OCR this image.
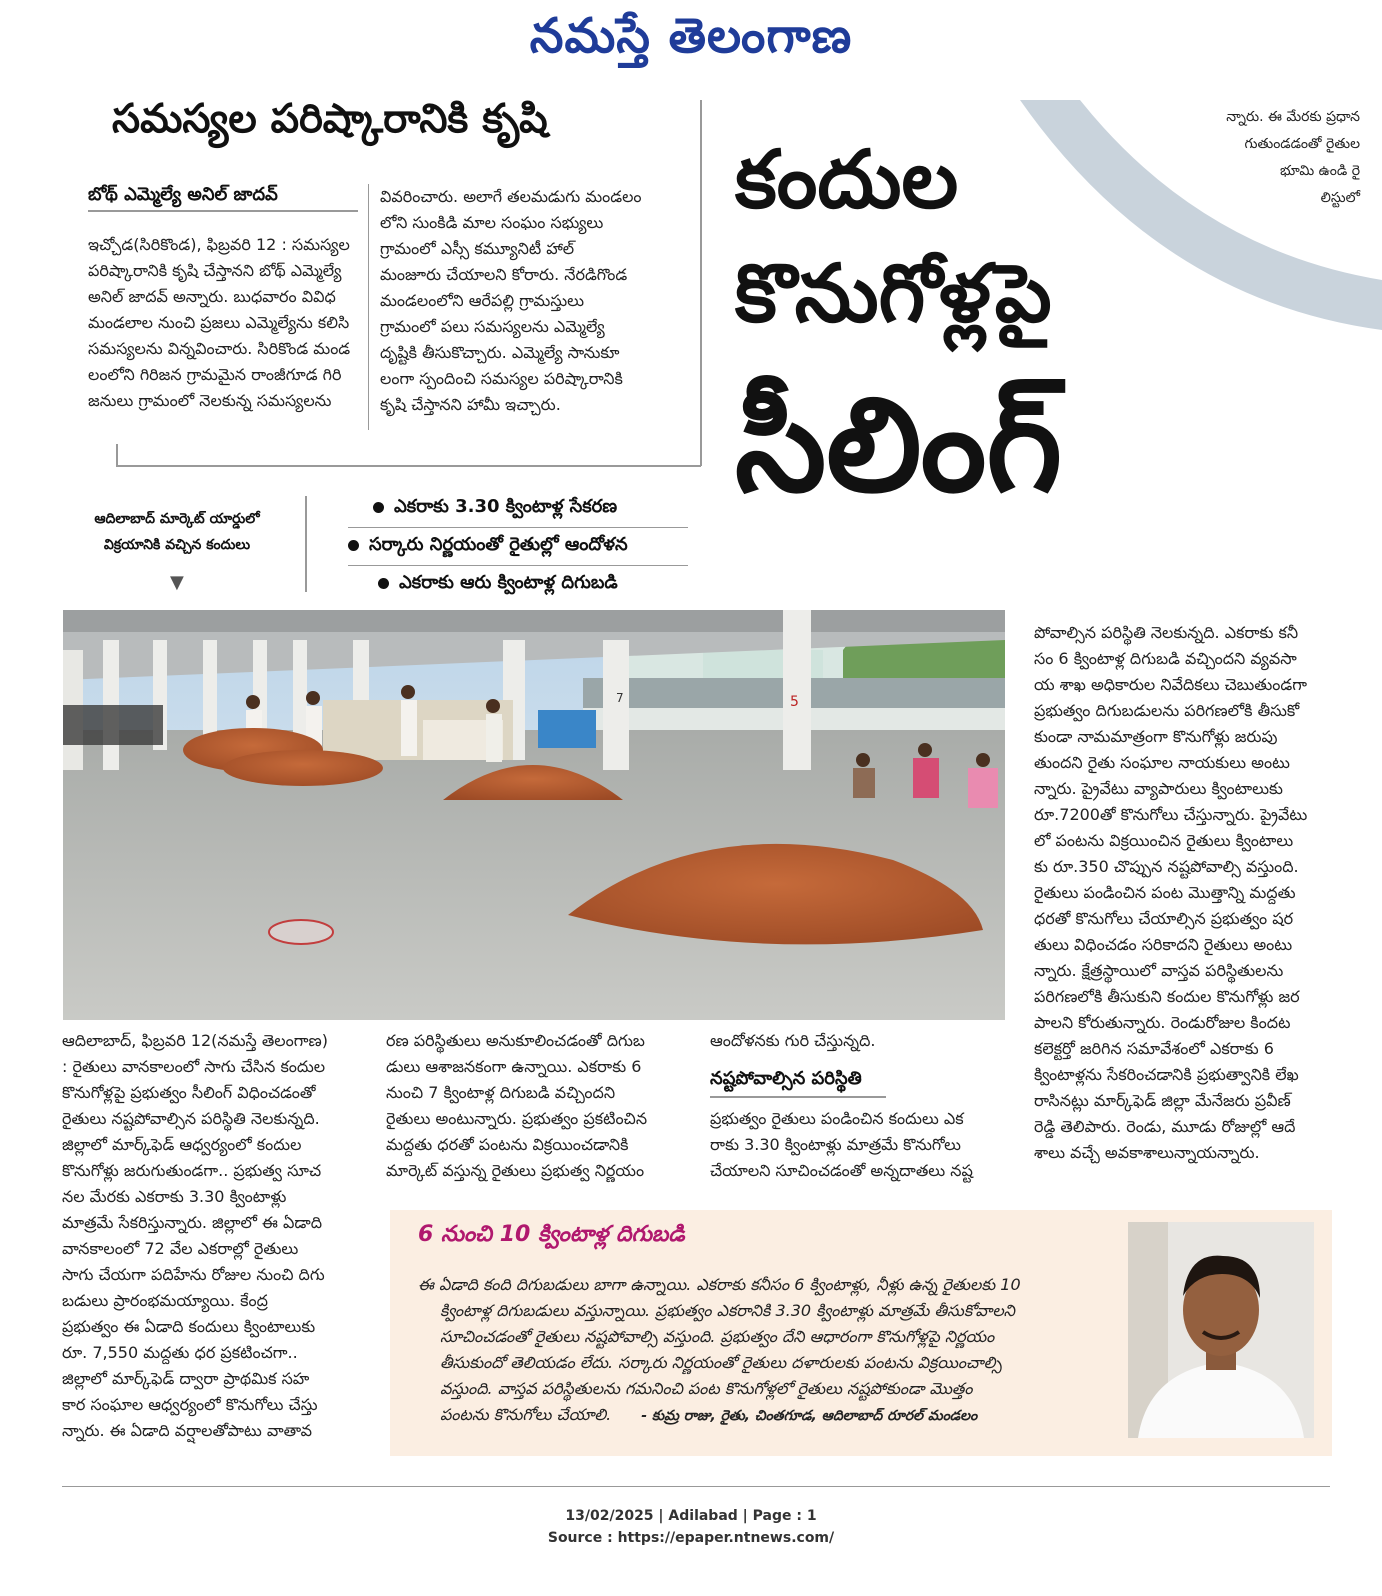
నమస్తే తెలంగాణ
సమస్యల పరిష్కారానికి కృషి
బోథ్ ఎమ్మెల్యే అనిల్ జాదవ్
ఇచ్చోడ(సిరికొండ), ఫిబ్రవరి 12 : సమస్యల
పరిష్కారానికి కృషి చేస్తానని బోథ్ ఎమ్మెల్యే
అనిల్ జాదవ్ అన్నారు. బుధవారం వివిధ
మండలాల నుంచి ప్రజలు ఎమ్మెల్యేను కలిసి
సమస్యలను విన్నవించారు. సిరికొండ మండ
లంలోని గిరిజన గ్రామమైన రాంజీగూడ గిరి
జనులు గ్రామంలో నెలకున్న సమస్యలను
వివరించారు. అలాగే తలమడుగు మండలం
లోని సుంకిడి మాల సంఘం సభ్యులు
గ్రామంలో ఎస్సీ కమ్యూనిటీ హాల్
మంజూరు చేయాలని కోరారు. నేరడిగొండ
మండలంలోని ఆరేపల్లి గ్రామస్తులు
గ్రామంలో పలు సమస్యలను ఎమ్మెల్యే
దృష్టికి తీసుకొచ్చారు. ఎమ్మెల్యే సానుకూ
లంగా స్పందించి సమస్యల పరిష్కారానికి
కృషి చేస్తానని హామీ ఇచ్చారు.
న్నారు. ఈ మేరకు ప్రధాన
గుతుండడంతో రైతుల
భూమి ఉండి రై
లిస్టులో
కందుల
కొనుగోళ్లపై
సీలింగ్
ఆదిలాబాద్ మార్కెట్ యార్డులో
విక్రయానికి వచ్చిన కందులు
▼
ఎకరాకు 3.30 క్వింటాళ్ల సేకరణ
సర్కారు నిర్ణయంతో రైతుల్లో ఆందోళన
ఎకరాకు ఆరు క్వింటాళ్ల దిగుబడి
7	5
పోవాల్సిన పరిస్థితి నెలకున్నది. ఎకరాకు కనీ
సం 6 క్వింటాళ్ల దిగుబడి వచ్చిందని వ్యవసా
య శాఖ అధికారుల నివేదికలు చెబుతుండగా
ప్రభుత్వం దిగుబడులను పరిగణలోకి తీసుకో
కుండా నామమాత్రంగా కొనుగోళ్లు జరుపు
తుందని రైతు సంఘాల నాయకులు అంటు
న్నారు. ప్రైవేటు వ్యాపారులు క్వింటాలుకు
రూ.7200తో కొనుగోలు చేస్తున్నారు. ప్రైవేటు
లో పంటను విక్రయించిన రైతులు క్వింటాలు
కు రూ.350 చొప్పున నష్టపోవాల్సి వస్తుంది.
రైతులు పండించిన పంట మొత్తాన్ని మద్దతు
ధరతో కొనుగోలు చేయాల్సిన ప్రభుత్వం షర
తులు విధించడం సరికాదని రైతులు అంటు
న్నారు. క్షేత్రస్థాయిలో వాస్తవ పరిస్థితులను
పరిగణలోకి తీసుకుని కందుల కొనుగోళ్లు జర
పాలని కోరుతున్నారు. రెండురోజుల కిందట
కలెక్టర్తో జరిగిన సమావేశంలో ఎకరాకు 6
క్వింటాళ్లను సేకరించడానికి ప్రభుత్వానికి లేఖ
రాసినట్లు మార్క్‌ఫెడ్ జిల్లా మేనేజరు ప్రవీణ్
రెడ్డి తెలిపారు. రెండు, మూడు రోజుల్లో ఆదే
శాలు వచ్చే అవకాశాలున్నాయన్నారు.
ఆదిలాబాద్, ఫిబ్రవరి 12(నమస్తే తెలంగాణ)
: రైతులు వానకాలంలో సాగు చేసిన కందుల
కొనుగోళ్లపై ప్రభుత్వం సీలింగ్ విధించడంతో
రైతులు నష్టపోవాల్సిన పరిస్థితి నెలకున్నది.
జిల్లాలో మార్క్‌ఫెడ్ ఆధ్వర్యంలో కందుల
కొనుగోళ్లు జరుగుతుండగా.. ప్రభుత్వ సూచ
నల మేరకు ఎకరాకు 3.30 క్వింటాళ్లు
మాత్రమే సేకరిస్తున్నారు. జిల్లాలో ఈ ఏడాది
వానకాలంలో 72 వేల ఎకరాల్లో రైతులు
సాగు చేయగా పదిహేను రోజుల నుంచి దిగు
బడులు ప్రారంభమయ్యాయి. కేంద్ర
ప్రభుత్వం ఈ ఏడాది కందులు క్వింటాలుకు
రూ. 7,550 మద్దతు ధర ప్రకటించగా..
జిల్లాలో మార్క్‌ఫెడ్ ద్వారా ప్రాథమిక సహ
కార సంఘాల ఆధ్వర్యంలో కొనుగోలు చేస్తు
న్నారు. ఈ ఏడాది వర్షాలతోపాటు వాతావ
రణ పరిస్థితులు అనుకూలించడంతో దిగుబ
డులు ఆశాజనకంగా ఉన్నాయి. ఎకరాకు 6
నుంచి 7 క్వింటాళ్ల దిగుబడి వచ్చిందని
రైతులు అంటున్నారు. ప్రభుత్వం ప్రకటించిన
మద్దతు ధరతో పంటను విక్రయించడానికి
మార్కెట్ వస్తున్న రైతులు ప్రభుత్వ నిర్ణయం
ఆందోళనకు గురి చేస్తున్నది.
నష్టపోవాల్సిన పరిస్థితి
ప్రభుత్వం రైతులు పండించిన కందులు ఎక
రాకు 3.30 క్వింటాళ్లు మాత్రమే కొనుగోలు
చేయాలని సూచించడంతో అన్నదాతలు నష్ట
6 నుంచి 10 క్వింటాళ్ల దిగుబడి
ఈ ఏడాది కంది దిగుబడులు బాగా ఉన్నాయి. ఎకరాకు కనీసం 6 క్వింటాళ్లు, నీళ్లు ఉన్న రైతులకు 10
క్వింటాళ్ల దిగుబడులు వస్తున్నాయి. ప్రభుత్వం ఎకరానికి 3.30 క్వింటాళ్లు మాత్రమే తీసుకోవాలని
సూచించడంతో రైతులు నష్టపోవాల్సి వస్తుంది. ప్రభుత్వం దేని ఆధారంగా కొనుగోళ్లపై నిర్ణయం
తీసుకుందో తెలియడం లేదు. సర్కారు నిర్ణయంతో రైతులు దళారులకు పంటను విక్రయించాల్సి
వస్తుంది. వాస్తవ పరిస్థితులను గమనించి పంట కొనుగోళ్లలో రైతులు నష్టపోకుండా మొత్తం
పంటను కొనుగోలు చేయాలి. - కుమ్ర రాజు, రైతు, చింతగూడ, ఆదిలాబాద్ రూరల్ మండలం
13/02/2025 | Adilabad | Page : 1
Source : https://epaper.ntnews.com/
